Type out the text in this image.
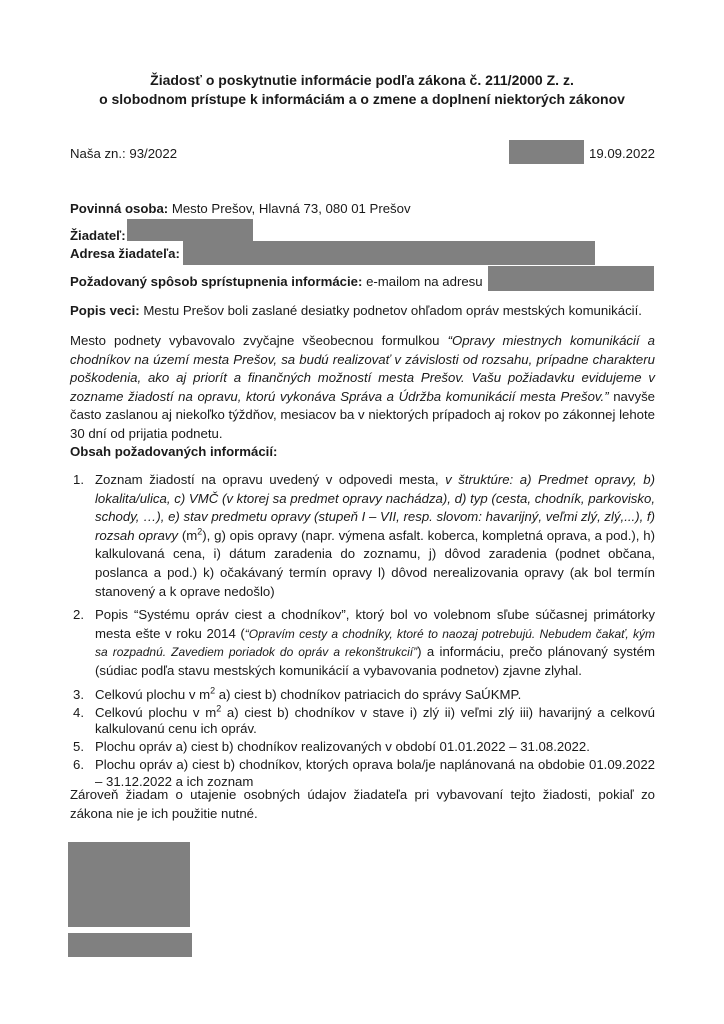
Žiadosť o poskytnutie informácie podľa zákona č. 211/2000 Z. z.
o slobodnom prístupe k informáciám a o zmene a doplnení niektorých zákonov
Naša zn.: 93/2022	19.09.2022
Povinná osoba: Mesto Prešov, Hlavná 73, 080 01 Prešov
Žiadateľ:
Adresa žiadateľa:
Požadovaný spôsob sprístupnenia informácie: e-mailom na adresu
Popis veci: Mestu Prešov boli zaslané desiatky podnetov ohľadom opráv mestských komunikácií.
Mesto podnety vybavovalo zvyčajne všeobecnou formulkou “Opravy miestnych komunikácií a chodníkov na území mesta Prešov, sa budú realizovať v závislosti od rozsahu, prípadne charakteru poškodenia, ako aj priorít a finančných možností mesta Prešov. Vašu požiadavku evidujeme v zozname žiadostí na opravu, ktorú vykonáva Správa a Údržba komunikácií mesta Prešov.” navyše často zaslanou aj niekoľko týždňov, mesiacov ba v niektorých prípadoch aj rokov po zákonnej lehote 30 dní od prijatia podnetu.
Obsah požadovaných informácií:
1. Zoznam žiadostí na opravu uvedený v odpovedi mesta, v štruktúre: a) Predmet opravy, b) lokalita/ulica, c) VMČ (v ktorej sa predmet opravy nachádza), d) typ (cesta, chodník, parkovisko, schody, …), e) stav predmetu opravy (stupeň I – VII, resp. slovom: havarijný, veľmi zlý, zlý,...), f) rozsah opravy $(m^2)$, g) opis opravy (napr. výmena asfalt. koberca, kompletná oprava, a pod.), h) kalkulovaná cena, i) dátum zaradenia do zoznamu, j) dôvod zaradenia (podnet občana, poslanca a pod.) k) očakávaný termín opravy l) dôvod nerealizovania opravy (ak bol termín stanovený a k oprave nedošlo)
2. Popis “Systému opráv ciest a chodníkov”, ktorý bol vo volebnom sľube súčasnej primátorky mesta ešte v roku 2014 (“Opravím cesty a chodníky, ktoré to naozaj potrebujú. Nebudem čakať, kým sa rozpadnú. Zavediem poriadok do opráv a rekonštrukcií”) a informáciu, prečo plánovaný systém (súdiac podľa stavu mestských komunikácií a vybavovania podnetov) zjavne zlyhal.
3. Celkovú plochu v $m^2$ a) ciest b) chodníkov patriacich do správy SaÚKMP.
4. Celkovú plochu v $m^2$ a) ciest b) chodníkov v stave i) zlý ii) veľmi zlý iii) havarijný a celkovú kalkulovanú cenu ich opráv.
5. Plochu opráv a) ciest b) chodníkov realizovaných v období 01.01.2022 – 31.08.2022.
6. Plochu opráv a) ciest b) chodníkov, ktorých oprava bola/je naplánovaná na obdobie 01.09.2022 – 31.12.2022 a ich zoznam
Zároveň žiadam o utajenie osobných údajov žiadateľa pri vybavovaní tejto žiadosti, pokiaľ zo zákona nie je ich použitie nutné.
